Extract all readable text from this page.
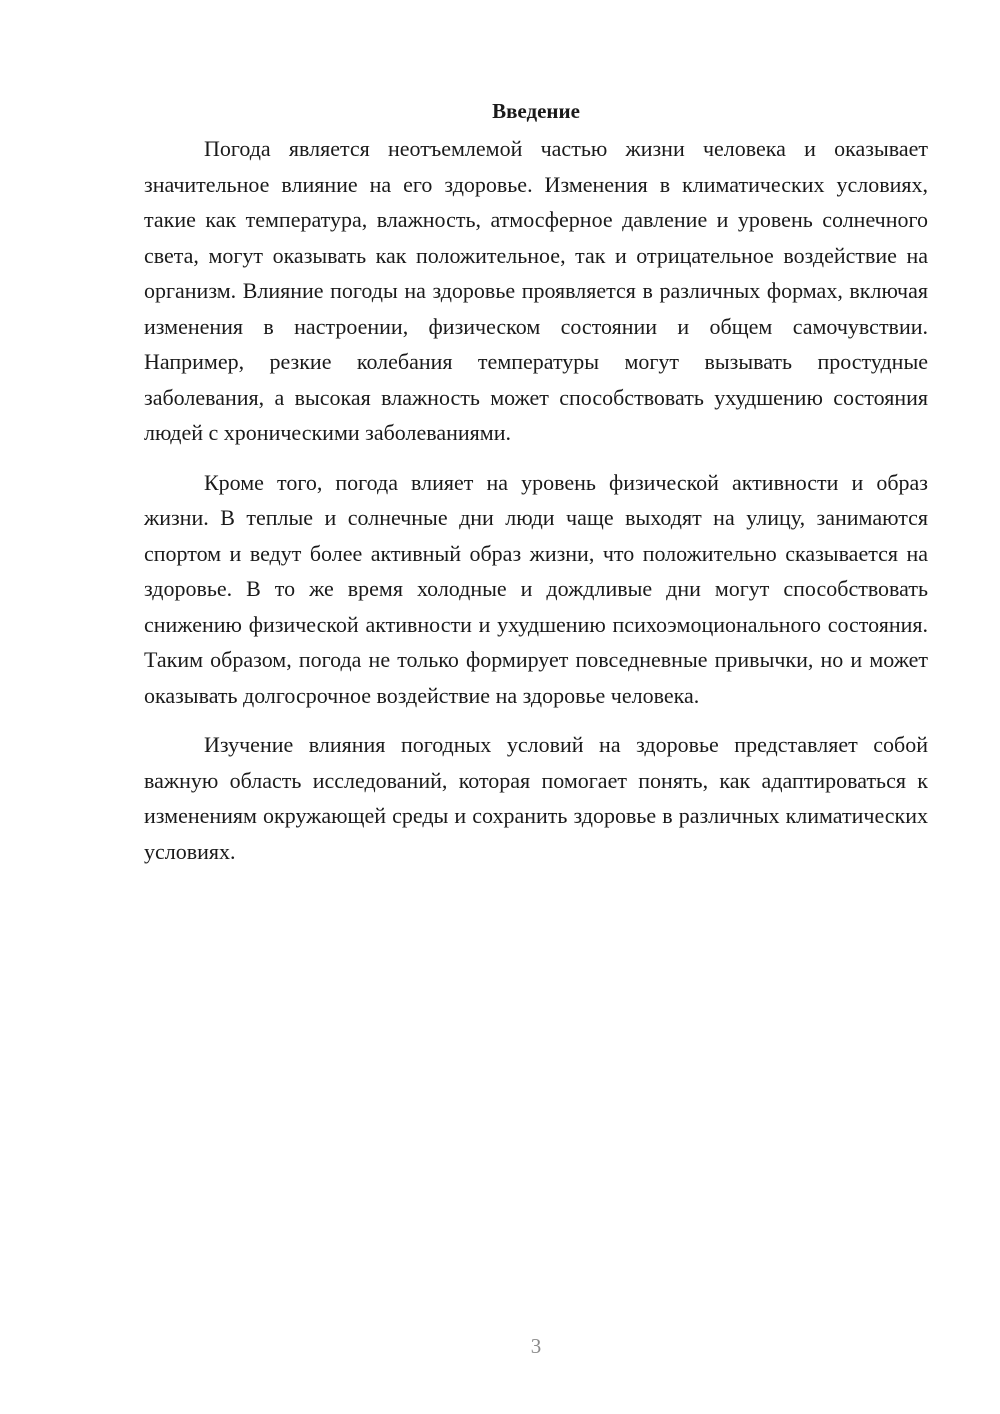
Введение

Погода является неотъемлемой частью жизни человека и оказывает значительное влияние на его здоровье. Изменения в климатических условиях, такие как температура, влажность, атмосферное давление и уровень солнечного света, могут оказывать как положительное, так и отрицательное воздействие на организм. Влияние погоды на здоровье проявляется в различных формах, включая изменения в настроении, физическом состоянии и общем самочувствии. Например, резкие колебания температуры могут вызывать простудные заболевания, а высокая влажность может способствовать ухудшению состояния людей с хроническими заболеваниями.

Кроме того, погода влияет на уровень физической активности и образ жизни. В теплые и солнечные дни люди чаще выходят на улицу, занимаются спортом и ведут более активный образ жизни, что положительно сказывается на здоровье. В то же время холодные и дождливые дни могут способствовать снижению физической активности и ухудшению психоэмоционального состояния. Таким образом, погода не только формирует повседневные привычки, но и может оказывать долгосрочное воздействие на здоровье человека.

Изучение влияния погодных условий на здоровье представляет собой важную область исследований, которая помогает понять, как адаптироваться к изменениям окружающей среды и сохранить здоровье в различных климатических условиях.

3
